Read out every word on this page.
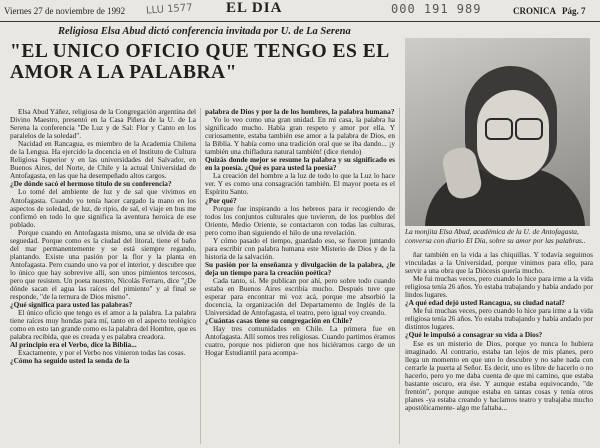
Viernes 27 de noviembre de 1992 LLU 1577 EL DIA	000 191 989	CRONICA Pág. 7
Religiosa Elsa Abud dictó conferencia invitada por U. de La Serena
"EL UNICO OFICIO QUE TENGO ES EL AMOR A LA PALABRA"
La monjita Elsa Abud, académica de la U. de Antofagasta, conversa con diario El Día, sobre su amor por las palabras..

Elsa Abud Yáñez, religiosa de la Congregación argentina del Divino Maestro, presentó en la Casa Piñera de la U. de La Serena la conferencia "De Luz y de Sal: Flor y Canto en los paralelos de la soledad".

Nacidad en Rancagua, es miembro de la Academia Chilena de la Lengua. Ha ejercido la docencia en el Instituto de Cultura Religiosa Superior y en las universidades del Salvador, en Buenos Aires, del Norte, de Chile y la actual Universidad de Antofagasta, en las que ha desempeñado altos cargos.

¿De dónde sacó el hermoso título de su conferencia?

Lo tomé del ambiente de luz y de sal que vivimos en Antofagasta. Cuando yo tenía hacer cargado la mano en los aspectos de soledad, de luz, de ripio, de sal, el viaje en bus me confirmó en todo lo que significa la aventura heroica de ese poblado.

Porque cuando en Antofagasta mismo, una se olvida de esa seguedad. Porque como es la ciudad del litoral, tiene el baño del mar permanentemente y se está siempre regando, plantando. Existe una pasión por la flor y la planta en Antofagasta. Pero cuando uno va por el interior, y descubre que lo único que hay sobrevive allí, son unos pimientos tercosos, pero que resisten. Un poeta nuestro, Nicolás Ferraro, dice "¿De dónde sacan el agua las raíces del pimiento" y al final se responde, "de la ternura de Dios mismo".

¿Qué significa para usted las palabras?

El único oficio que tengo es el amor a la palabra. La palabra tiene raíces muy hondas para mí, tanto en el aspecto teológico como en esto tan grande como es la palabra del Hombre, que es palabra recibida, que es creada y es palabra creadora.

Al principio era el Verbo, dice la Biblia...

Exactamente, y por el Verbo nos vinieron todas las cosas.

¿Cómo ha seguido usted la senda de la

palabra de Dios y por la de los hombres, la palabra humana?

Yo lo veo como una gran unidad. En mi casa, la palabra ha significado mucho. Había gran respeto y amor por ella. Y curiosamente, estaba también ese amor a la palabra de Dios, en la Biblia. Y había como una tradición oral que se iba dando... ¡y también una chifladura natural también! (dice riendo)

Quizás donde mejor se resume la palabra y su significado es en la poesía. ¿Qué es para usted la poesía?

La creación del hombre a la luz de todo lo que la Luz lo hace ver. Y es como una consagración también. El mayor poeta es el Espíritu Santo.

¿Por qué?

Porque fue inspirando a los hebreos para ir recogiendo de todos los conjuntos culturales que tuvieron, de los pueblos del Oriente, Medio Oriente, se contactaron con todas las culturas, pero como iban siguiendo el hilo de una revelación.

Y cómo pasado el tiempo, guardado eso, se fueron juntando para escribir con palabra humana este Misterio de Dios y de la historia de la salvación.

Su pasión por la enseñanza y divulgación de la palabra, ¿le deja un tiempo para la creación poética?

Cada tanto, sí. Me publican por ahí, pero sobre todo cuando estaba en Buenos Aires escribía mucho. Después tuve que esperar para encontrar mi voz acá, porque me absorbió la docencia, la organización del Departamento de Inglés de la Universidad de Antofagasta, el teatro, pero igual voy creando.

¿Cuántas casas tiene su congregación en Chile?

Hay tres comunidades en Chile. La primera fue en Antofagasta. Allí somos tres religiosas. Cuando partimos éramos cuatro, porque nos pidieron que nos hiciéramos cargo de un Hogar Estudiantil para acompa-

ñar también en la vida a las chiquillas. Y todavía seguimos vinculadas a la Universidad, porque vinimos para ello, para servir a una obra que la Diócesis quería mucho.

Me fui muchas veces, pero cuando lo hice para irme a la vida religiosa tenía 26 años. Yo estaba trabajando y había andado por lindos lugares.

¿A qué edad dejó usted Rancagua, su ciudad natal?

Me fui muchas veces, pero cuando lo hice para irme a la vida religiosa tenía 26 años. Yo estaba trabajando y había andado por distintos lugares.

¿Qué le impulsó a consagrar su vida a Dios?

Ese es un misterio de Dios, porque yo nunca lo hubiera imaginado. Al contrario, estaba tan lejos de mis planes, pero llega un momento en que uno lo descubre y no sabe nada con cerrarle la puerta al Señor. Es decir, uno es libre de hacerlo o no hacerlo, pero yo me daba cuenta de que mi camino, que estaba bastante oscuro, era ése. Y aunque estaba equivocando, "de frentón", porque aunque estaba en tantas cosas y tenía otros planes -ya estaba creando y hacíamos teatro y trabajaba mucho apostólicamente- algo me faltaba...
